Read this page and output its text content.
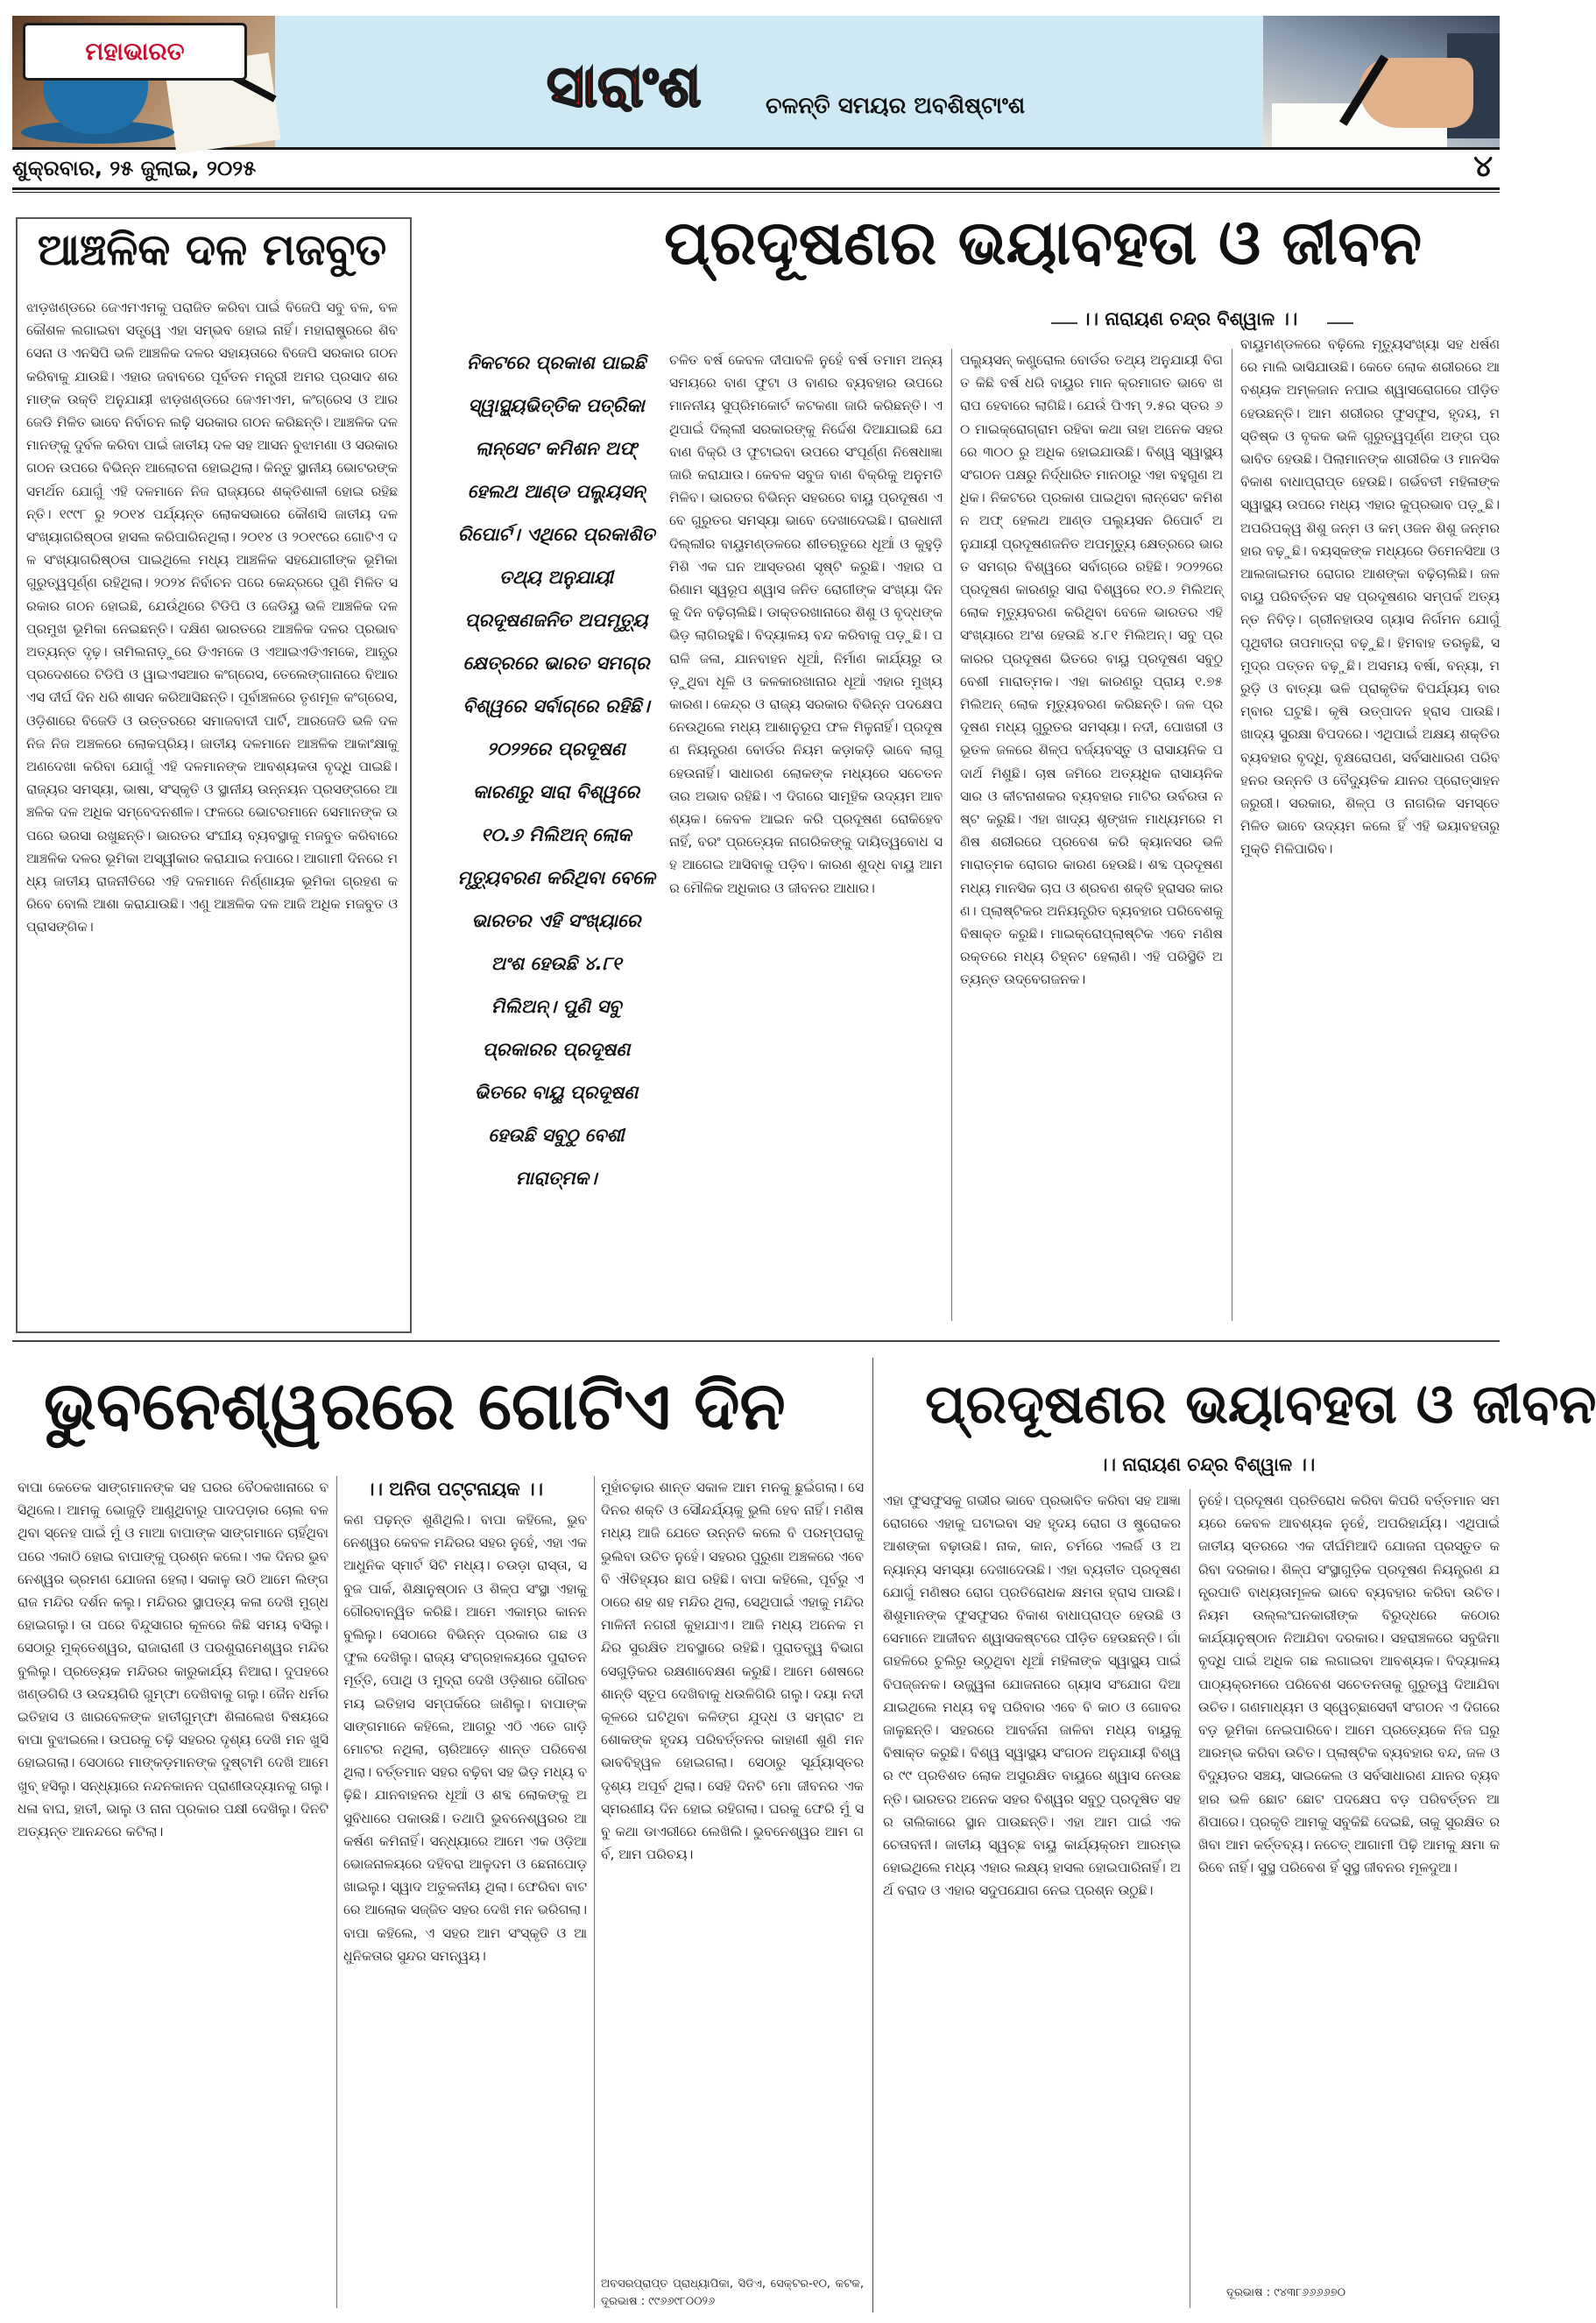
ମହାଭାରତ
ସାରାଂଶ	ଚଳନ୍ତି ସମୟର ଅବଶିଷ୍ଟାଂଶ
ଶୁକ୍ରବାର, ୨୫ ଜୁଲାଇ, ୨୦୨୫	୪
ଆଞ୍ଚଳିକ ଦଳ ମଜବୁତ
ଝାଡ଼ଖଣ୍ଡରେ ଜେଏମଏମକୁ ପରାଜିତ କରିବା ପାଇଁ ବିଜେପି ସବୁ ବଳ, ବଳ କୌଶଳ ଲଗାଇବା ସତ୍ତ୍ୱେ ଏହା ସମ୍ଭବ ହୋଇ ନାହିଁ। ମହାରାଷ୍ଟ୍ରରେ ଶିବସେନା ଓ ଏନସିପି ଭଳି ଆଞ୍ଚଳିକ ଦଳର ସହାୟତାରେ ବିଜେପି ସରକାର ଗଠନ କରିବାକୁ ଯାଉଛି। ଏହାର ଜବାବରେ ପୂର୍ବତନ ମନ୍ତ୍ରୀ ଅମର ପ୍ରସାଦ ଶରମାଙ୍କ ଉକ୍ତି ଅନୁଯାୟୀ ଝାଡ଼ଖଣ୍ଡରେ ଜେଏମଏମ, କଂଗ୍ରେସ ଓ ଆରଜେଡି ମିଳିତ ଭାବେ ନିର୍ବାଚନ ଲଢ଼ି ସରକାର ଗଠନ କରିଛନ୍ତି। ଆଞ୍ଚଳିକ ଦଳମାନଙ୍କୁ ଦୁର୍ବଳ କରିବା ପାଇଁ ଜାତୀୟ ଦଳ ସହ ଆସନ ବୁଝାମଣା ଓ ସରକାର ଗଠନ ଉପରେ ବିଭିନ୍ନ ଆଲୋଚନା ହୋଇଥିଲା। କିନ୍ତୁ ସ୍ଥାନୀୟ ଭୋଟରଙ୍କ ସମର୍ଥନ ଯୋଗୁଁ ଏହି ଦଳମାନେ ନିଜ ରାଜ୍ୟରେ ଶକ୍ତିଶାଳୀ ହୋଇ ରହିଛନ୍ତି। ୧୯୯୮ ରୁ ୨୦୧୪ ପର୍ଯ୍ୟନ୍ତ ଲୋକସଭାରେ କୌଣସି ଜାତୀୟ ଦଳ ସଂଖ୍ୟାଗରିଷ୍ଠତା ହାସଲ କରିପାରିନଥିଲା। ୨୦୧୪ ଓ ୨୦୧୯ରେ ଗୋଟିଏ ଦଳ ସଂଖ୍ୟାଗରିଷ୍ଠତା ପାଇଥିଲେ ମଧ୍ୟ ଆଞ୍ଚଳିକ ସହଯୋଗୀଙ୍କ ଭୂମିକା ଗୁରୁତ୍ୱପୂର୍ଣ୍ଣ ରହିଥିଲା। ୨୦୨୪ ନିର୍ବାଚନ ପରେ କେନ୍ଦ୍ରରେ ପୁଣି ମିଳିତ ସରକାର ଗଠନ ହୋଇଛି, ଯେଉଁଥିରେ ଟିଡିପି ଓ ଜେଡିୟୁ ଭଳି ଆଞ୍ଚଳିକ ଦଳ ପ୍ରମୁଖ ଭୂମିକା ନେଇଛନ୍ତି। ଦକ୍ଷିଣ ଭାରତରେ ଆଞ୍ଚଳିକ ଦଳର ପ୍ରଭାବ ଅତ୍ୟନ୍ତ ଦୃଢ଼। ତାମିଲନାଡ଼ୁରେ ଡିଏମକେ ଓ ଏଆଇଏଡିଏମକେ, ଆନ୍ଧ୍ରପ୍ରଦେଶରେ ଟିଡିପି ଓ ୱାଇଏସଆର କଂଗ୍ରେସ, ତେଲେଙ୍ଗାନାରେ ବିଆରଏସ ଦୀର୍ଘ ଦିନ ଧରି ଶାସନ କରିଆସିଛନ୍ତି। ପୂର୍ବାଞ୍ଚଳରେ ତୃଣମୂଳ କଂଗ୍ରେସ, ଓଡ଼ିଶାରେ ବିଜେଡି ଓ ଉତ୍ତରରେ ସମାଜବାଦୀ ପାର୍ଟି, ଆରଜେଡି ଭଳି ଦଳ ନିଜ ନିଜ ଅଞ୍ଚଳରେ ଲୋକପ୍ରିୟ। ଜାତୀୟ ଦଳମାନେ ଆଞ୍ଚଳିକ ଆକାଂକ୍ଷାକୁ ଅଣଦେଖା କରିବା ଯୋଗୁଁ ଏହି ଦଳମାନଙ୍କ ଆବଶ୍ୟକତା ବୃଦ୍ଧି ପାଇଛି। ରାଜ୍ୟର ସମସ୍ୟା, ଭାଷା, ସଂସ୍କୃତି ଓ ସ୍ଥାନୀୟ ଉନ୍ନୟନ ପ୍ରସଙ୍ଗରେ ଆଞ୍ଚଳିକ ଦଳ ଅଧିକ ସମ୍ବେଦନଶୀଳ। ଫଳରେ ଭୋଟରମାନେ ସେମାନଙ୍କ ଉପରେ ଭରସା ରଖୁଛନ୍ତି। ଭାରତର ସଂଘୀୟ ବ୍ୟବସ୍ଥାକୁ ମଜବୁତ କରିବାରେ ଆଞ୍ଚଳିକ ଦଳର ଭୂମିକା ଅସ୍ୱୀକାର କରାଯାଇ ନପାରେ। ଆଗାମୀ ଦିନରେ ମଧ୍ୟ ଜାତୀୟ ରାଜନୀତିରେ ଏହି ଦଳମାନେ ନିର୍ଣ୍ଣାୟକ ଭୂମିକା ଗ୍ରହଣ କରିବେ ବୋଲି ଆଶା କରାଯାଉଛି। ଏଣୁ ଆଞ୍ଚଳିକ ଦଳ ଆଜି ଅଧିକ ମଜବୁତ ଓ ପ୍ରାସଙ୍ଗିକ।
ପ୍ରଦୂଷଣର ଭୟାବହତା ଓ ଜୀବନ
।। ନାରାୟଣ ଚନ୍ଦ୍ର ବିଶ୍ୱାଳ ।।
ନିକଟରେ ପ୍ରକାଶ ପାଇଛି ସ୍ୱାସ୍ଥ୍ୟଭିତ୍ତିକ ପତ୍ରିକା ଲାନ୍ସେଟ କମିଶନ ଅଫ୍ ହେଲଥ ଆଣ୍ଡ ପଲ୍ୟୁସନ୍ ରିପୋର୍ଟ। ଏଥିରେ ପ୍ରକାଶିତ ତଥ୍ୟ ଅନୁଯାୟୀ ପ୍ରଦୂଷଣଜନିତ ଅପମୃତ୍ୟୁ କ୍ଷେତ୍ରରେ ଭାରତ ସମଗ୍ର ବିଶ୍ୱରେ ସର୍ବାଗ୍ରେ ରହିଛି। ୨୦୨୨ରେ ପ୍ରଦୂଷଣ କାରଣରୁ ସାରା ବିଶ୍ୱରେ ୧୦.୬ ମିଲିଅନ୍ ଲୋକ ମୃତ୍ୟୁବରଣ କରିଥିବା ବେଳେ ଭାରତର ଏହି ସଂଖ୍ୟାରେ ଅଂଶ ହେଉଛି ୪.୮୧ ମିଲିଅନ୍। ପୁଣି ସବୁ ପ୍ରକାରର ପ୍ରଦୂଷଣ ଭିତରେ ବାୟୁ ପ୍ରଦୂଷଣ ହେଉଛି ସବୁଠୁ ବେଶୀ ମାରାତ୍ମକ।
ଚଳିତ ବର୍ଷ କେବଳ ଦୀପାବଳି ନୁହେଁ ବର୍ଷ ତମାମ ଅନ୍ୟ ସମୟରେ ବାଣ ଫୁଟା ଓ ବାଣର ବ୍ୟବହାର ଉପରେ ମାନନୀୟ ସୁପ୍ରିମକୋର୍ଟ କଟକଣା ଜାରି କରିଛନ୍ତି। ଏଥିପାଇଁ ଦିଲ୍ଲୀ ସରକାରଙ୍କୁ ନିର୍ଦ୍ଦେଶ ଦିଆଯାଇଛି ଯେ ବାଣ ବିକ୍ରି ଓ ଫୁଟାଇବା ଉପରେ ସଂପୂର୍ଣ୍ଣ ନିଷେଧାଜ୍ଞା ଜାରି କରାଯାଉ। କେବଳ ସବୁଜ ବାଣ ବିକ୍ରିକୁ ଅନୁମତି ମିଳିବ। ଭାରତର ବିଭିନ୍ନ ସହରରେ ବାୟୁ ପ୍ରଦୂଷଣ ଏବେ ଗୁରୁତର ସମସ୍ୟା ଭାବେ ଦେଖାଦେଇଛି। ରାଜଧାନୀ ଦିଲ୍ଲୀର ବାୟୁମଣ୍ଡଳରେ ଶୀତଋତୁରେ ଧୂଆଁ ଓ କୁହୁଡ଼ି ମିଶି ଏକ ଘନ ଆସ୍ତରଣ ସୃଷ୍ଟି କରୁଛି। ଏହାର ପରିଣାମ ସ୍ୱରୂପ ଶ୍ୱାସ ଜନିତ ରୋଗୀଙ୍କ ସଂଖ୍ୟା ଦିନକୁ ଦିନ ବଢ଼ିଚାଲିଛି। ଡାକ୍ତରଖାନାରେ ଶିଶୁ ଓ ବୃଦ୍ଧଙ୍କ ଭିଡ଼ ଲାଗିରହୁଛି। ବିଦ୍ୟାଳୟ ବନ୍ଦ କରିବାକୁ ପଡ଼ୁଛି। ପରାଳି ଜଳା, ଯାନବାହନ ଧୂଆଁ, ନିର୍ମାଣ କାର୍ଯ୍ୟରୁ ଉଡ଼ୁଥିବା ଧୂଳି ଓ କଳକାରଖାନାର ଧୂଆଁ ଏହାର ମୁଖ୍ୟ କାରଣ। କେନ୍ଦ୍ର ଓ ରାଜ୍ୟ ସରକାର ବିଭିନ୍ନ ପଦକ୍ଷେପ ନେଉଥିଲେ ମଧ୍ୟ ଆଶାନୁରୂପ ଫଳ ମିଳୁନାହିଁ। ପ୍ରଦୂଷଣ ନିୟନ୍ତ୍ରଣ ବୋର୍ଡର ନିୟମ କଡ଼ାକଡ଼ି ଭାବେ ଲାଗୁ ହେଉନାହିଁ। ସାଧାରଣ ଲୋକଙ୍କ ମଧ୍ୟରେ ସଚେତନତାର ଅଭାବ ରହିଛି। ଏ ଦିଗରେ ସାମୂହିକ ଉଦ୍ୟମ ଆବଶ୍ୟକ। କେବଳ ଆଇନ କରି ପ୍ରଦୂଷଣ ରୋକିହେବ ନାହିଁ, ବରଂ ପ୍ରତ୍ୟେକ ନାଗରିକଙ୍କୁ ଦାୟିତ୍ୱବୋଧ ସହ ଆଗେଇ ଆସିବାକୁ ପଡ଼ିବ। କାରଣ ଶୁଦ୍ଧ ବାୟୁ ଆମର ମୌଳିକ ଅଧିକାର ଓ ଜୀବନର ଆଧାର।
ପଲ୍ୟୁସନ୍ କଣ୍ଟ୍ରୋଲ ବୋର୍ଡର ତଥ୍ୟ ଅନୁଯାୟୀ ବିଗତ କିଛି ବର୍ଷ ଧରି ବାୟୁର ମାନ କ୍ରମାଗତ ଭାବେ ଖରାପ ହେବାରେ ଲାଗିଛି। ଯେଉଁ ପିଏମ୍ ୨.୫ର ସ୍ତର ୬୦ ମାଇକ୍ରୋଗ୍ରାମ ରହିବା କଥା ତାହା ଅନେକ ସହରରେ ୩୦୦ ରୁ ଅଧିକ ହୋଇଯାଉଛି। ବିଶ୍ୱ ସ୍ୱାସ୍ଥ୍ୟ ସଂଗଠନ ପକ୍ଷରୁ ନିର୍ଦ୍ଧାରିତ ମାନଠାରୁ ଏହା ବହୁଗୁଣ ଅଧିକ। ନିକଟରେ ପ୍ରକାଶ ପାଇଥିବା ଲାନ୍ସେଟ କମିଶନ ଅଫ୍ ହେଲଥ ଆଣ୍ଡ ପଲ୍ୟୁସନ ରିପୋର୍ଟ ଅନୁଯାୟୀ ପ୍ରଦୂଷଣଜନିତ ଅପମୃତ୍ୟୁ କ୍ଷେତ୍ରରେ ଭାରତ ସମଗ୍ର ବିଶ୍ୱରେ ସର୍ବାଗ୍ରେ ରହିଛି। ୨୦୨୨ରେ ପ୍ରଦୂଷଣ କାରଣରୁ ସାରା ବିଶ୍ୱରେ ୧୦.୬ ମିଲିଅନ୍ ଲୋକ ମୃତ୍ୟୁବରଣ କରିଥିବା ବେଳେ ଭାରତର ଏହି ସଂଖ୍ୟାରେ ଅଂଶ ହେଉଛି ୪.୮୧ ମିଲିଅନ୍। ସବୁ ପ୍ରକାରର ପ୍ରଦୂଷଣ ଭିତରେ ବାୟୁ ପ୍ରଦୂଷଣ ସବୁଠୁ ବେଶୀ ମାରାତ୍ମକ। ଏହା କାରଣରୁ ପ୍ରାୟ ୧.୭୫ ମିଲିଅନ୍ ଲୋକ ମୃତ୍ୟୁବରଣ କରିଛନ୍ତି। ଜଳ ପ୍ରଦୂଷଣ ମଧ୍ୟ ଗୁରୁତର ସମସ୍ୟା। ନଦୀ, ପୋଖରୀ ଓ ଭୂତଳ ଜଳରେ ଶିଳ୍ପ ବର୍ଜ୍ୟବସ୍ତୁ ଓ ରାସାୟନିକ ପଦାର୍ଥ ମିଶୁଛି। ଚାଷ ଜମିରେ ଅତ୍ୟଧିକ ରାସାୟନିକ ସାର ଓ କୀଟନାଶକର ବ୍ୟବହାର ମାଟିର ଉର୍ବରତା ନଷ୍ଟ କରୁଛି। ଏହା ଖାଦ୍ୟ ଶୃଙ୍ଖଳ ମାଧ୍ୟମରେ ମଣିଷ ଶରୀରରେ ପ୍ରବେଶ କରି କ୍ୟାନସର ଭଳି ମାରାତ୍ମକ ରୋଗର କାରଣ ହେଉଛି। ଶବ୍ଦ ପ୍ରଦୂଷଣ ମଧ୍ୟ ମାନସିକ ଚାପ ଓ ଶ୍ରବଣ ଶକ୍ତି ହ୍ରାସର କାରଣ। ପ୍ଲାଷ୍ଟିକର ଅନିୟନ୍ତ୍ରିତ ବ୍ୟବହାର ପରିବେଶକୁ ବିଷାକ୍ତ କରୁଛି। ମାଇକ୍ରୋପ୍ଲାଷ୍ଟିକ ଏବେ ମଣିଷ ରକ୍ତରେ ମଧ୍ୟ ଚିହ୍ନଟ ହେଲାଣି। ଏହି ପରିସ୍ଥିତି ଅତ୍ୟନ୍ତ ଉଦ୍ବେଗଜନକ।
ବାୟୁମଣ୍ଡଳରେ ବଢ଼ିଲେ ମୃତ୍ୟୁସଂଖ୍ୟା ସହ ଧର୍ଷଣରେ ମାଲି ଭାସିଯାଉଛି। କେତେ ଲୋକ ଶରୀରରେ ଆବଶ୍ୟକ ଅମ୍ଳଜାନ ନପାଇ ଶ୍ୱାସରୋଗରେ ପୀଡ଼ିତ ହେଉଛନ୍ତି। ଆମ ଶରୀରର ଫୁସଫୁସ, ହୃଦୟ, ମସ୍ତିଷ୍କ ଓ ବୃକକ ଭଳି ଗୁରୁତ୍ୱପୂର୍ଣ୍ଣ ଅଙ୍ଗ ପ୍ରଭାବିତ ହେଉଛି। ପିଲାମାନଙ୍କ ଶାରୀରିକ ଓ ମାନସିକ ବିକାଶ ବାଧାପ୍ରାପ୍ତ ହେଉଛି। ଗର୍ଭବତୀ ମହିଳାଙ୍କ ସ୍ୱାସ୍ଥ୍ୟ ଉପରେ ମଧ୍ୟ ଏହାର କୁପ୍ରଭାବ ପଡ଼ୁଛି। ଅପରିପକ୍ୱ ଶିଶୁ ଜନ୍ମ ଓ କମ୍ ଓଜନ ଶିଶୁ ଜନ୍ମର ହାର ବଢ଼ୁଛି। ବୟସ୍କଙ୍କ ମଧ୍ୟରେ ଡିମେନସିଆ ଓ ଆଲଜାଇମର ରୋଗର ଆଶଙ୍କା ବଢ଼ିଚାଲିଛି। ଜଳବାୟୁ ପରିବର୍ତ୍ତନ ସହ ପ୍ରଦୂଷଣର ସମ୍ପର୍କ ଅତ୍ୟନ୍ତ ନିବିଡ଼। ଗ୍ରୀନହାଉସ ଗ୍ୟାସ ନିର୍ଗମନ ଯୋଗୁଁ ପୃଥିବୀର ତାପମାତ୍ରା ବଢ଼ୁଛି। ହିମବାହ ତରଳୁଛି, ସମୁଦ୍ର ପତ୍ତନ ବଢ଼ୁଛି। ଅସମୟ ବର୍ଷା, ବନ୍ୟା, ମରୁଡ଼ି ଓ ବାତ୍ୟା ଭଳି ପ୍ରାକୃତିକ ବିପର୍ଯ୍ୟୟ ବାରମ୍ବାର ଘଟୁଛି। କୃଷି ଉତ୍ପାଦନ ହ୍ରାସ ପାଉଛି। ଖାଦ୍ୟ ସୁରକ୍ଷା ବିପଦରେ। ଏଥିପାଇଁ ଅକ୍ଷୟ ଶକ୍ତିର ବ୍ୟବହାର ବୃଦ୍ଧି, ବୃକ୍ଷରୋପଣ, ସର୍ବସାଧାରଣ ପରିବହନର ଉନ୍ନତି ଓ ବୈଦ୍ୟୁତିକ ଯାନର ପ୍ରୋତ୍ସାହନ ଜରୁରୀ। ସରକାର, ଶିଳ୍ପ ଓ ନାଗରିକ ସମସ୍ତେ ମିଳିତ ଭାବେ ଉଦ୍ୟମ କଲେ ହିଁ ଏହି ଭୟାବହତାରୁ ମୁକ୍ତି ମିଳିପାରିବ।
ଭୁବନେଶ୍ୱରରେ ଗୋଟିଏ ଦିନ
।। ଅନିତା ପଟ୍ଟନାୟକ ।।
ବାପା କେତେକ ସାଙ୍ଗମାନଙ୍କ ସହ ଘରର ବୈଠକଖାନାରେ ବସିଥିଲେ। ଆମକୁ ଭୋଜୁଡ଼ି ଆଣୁଥିବାରୁ ପାଦପଡ଼ାର ଚୋଲ ବଳ ଥିବା ସ୍ନେହ ପାଇଁ ମୁଁ ଓ ମାଆ ବାପାଙ୍କ ସାଙ୍ଗମାନେ ଚାହିଁଥିବା ପରେ ଏକାଠି ହୋଇ ବାପାଙ୍କୁ ପ୍ରଶ୍ନ କଲେ। ଏକ ଦିନର ଭୁବନେଶ୍ୱର ଭ୍ରମଣ ଯୋଜନା ହେଲା। ସକାଳୁ ଉଠି ଆମେ ଲିଙ୍ଗରାଜ ମନ୍ଦିର ଦର୍ଶନ କଲୁ। ମନ୍ଦିରର ସ୍ଥାପତ୍ୟ କଳା ଦେଖି ମୁଗ୍ଧ ହୋଇଗଲୁ। ତା ପରେ ବିନ୍ଦୁସାଗର କୂଳରେ କିଛି ସମୟ ବସିଲୁ। ସେଠାରୁ ମୁକ୍ତେଶ୍ୱର, ରାଜାରାଣୀ ଓ ପରଶୁରାମେଶ୍ୱର ମନ୍ଦିର ବୁଲିଲୁ। ପ୍ରତ୍ୟେକ ମନ୍ଦିରର କାରୁକାର୍ଯ୍ୟ ନିଆରା। ଦୁପହରେ ଖଣ୍ଡଗିରି ଓ ଉଦୟଗିରି ଗୁମ୍ଫା ଦେଖିବାକୁ ଗଲୁ। ଜୈନ ଧର୍ମର ଇତିହାସ ଓ ଖାରବେଳଙ୍କ ହାତୀଗୁମ୍ଫା ଶିଳାଲେଖ ବିଷୟରେ ବାପା ବୁଝାଇଲେ। ଉପରକୁ ଚଢ଼ି ସହରର ଦୃଶ୍ୟ ଦେଖି ମନ ଖୁସି ହୋଇଗଲା। ସେଠାରେ ମାଙ୍କଡ଼ମାନଙ୍କ ଦୁଷ୍ଟାମି ଦେଖି ଆମେ ଖୁବ୍ ହସିଲୁ। ସନ୍ଧ୍ୟାରେ ନନ୍ଦନକାନନ ପ୍ରାଣୀଉଦ୍ୟାନକୁ ଗଲୁ। ଧଳା ବାଘ, ହାତୀ, ଭାଲୁ ଓ ନାନା ପ୍ରକାର ପକ୍ଷୀ ଦେଖିଲୁ। ଦିନଟି ଅତ୍ୟନ୍ତ ଆନନ୍ଦରେ କଟିଲା।
କଣ ପଢ଼ନ୍ତ ଶୁଣିଥିଲି। ବାପା କହିଲେ, ଭୁବନେଶ୍ୱର କେବଳ ମନ୍ଦିରର ସହର ନୁହେଁ, ଏହା ଏକ ଆଧୁନିକ ସ୍ମାର୍ଟ ସିଟି ମଧ୍ୟ। ଚଉଡ଼ା ରାସ୍ତା, ସବୁଜ ପାର୍କ, ଶିକ୍ଷାନୁଷ୍ଠାନ ଓ ଶିଳ୍ପ ସଂସ୍ଥା ଏହାକୁ ଗୌରବାନ୍ୱିତ କରିଛି। ଆମେ ଏକାମ୍ର କାନନ ବୁଲିଲୁ। ସେଠାରେ ବିଭିନ୍ନ ପ୍ରକାର ଗଛ ଓ ଫୁଲ ଦେଖିଲୁ। ରାଜ୍ୟ ସଂଗ୍ରହାଳୟରେ ପୁରାତନ ମୂର୍ତ୍ତି, ପୋଥି ଓ ମୁଦ୍ରା ଦେଖି ଓଡ଼ିଶାର ଗୌରବମୟ ଇତିହାସ ସମ୍ପର୍କରେ ଜାଣିଲୁ। ବାପାଙ୍କ ସାଙ୍ଗମାନେ କହିଲେ, ଆଗରୁ ଏଠି ଏତେ ଗାଡ଼ି ମୋଟର ନଥିଲା, ଚାରିଆଡ଼େ ଶାନ୍ତ ପରିବେଶ ଥିଲା। ବର୍ତ୍ତମାନ ସହର ବଢ଼ିବା ସହ ଭିଡ଼ ମଧ୍ୟ ବଢ଼ିଛି। ଯାନବାହନର ଧୂଆଁ ଓ ଶବ୍ଦ ଲୋକଙ୍କୁ ଅସୁବିଧାରେ ପକାଉଛି। ତଥାପି ଭୁବନେଶ୍ୱରର ଆକର୍ଷଣ କମିନାହିଁ। ସନ୍ଧ୍ୟାରେ ଆମେ ଏକ ଓଡ଼ିଆ ଭୋଜନାଳୟରେ ଦହିବରା ଆଳୁଦମ ଓ ଛେନାପୋଡ଼ ଖାଇଲୁ। ସ୍ୱାଦ ଅତୁଳନୀୟ ଥିଲା। ଫେରିବା ବାଟରେ ଆଲୋକ ସଜ୍ଜିତ ସହର ଦେଖି ମନ ଭରିଗଲା। ବାପା କହିଲେ, ଏ ସହର ଆମ ସଂସ୍କୃତି ଓ ଆଧୁନିକତାର ସୁନ୍ଦର ସମନ୍ୱୟ।
ମୁହାଁଚଢ଼ାର ଶାନ୍ତ ସକାଳ ଆମ ମନକୁ ଛୁଇଁଗଲା। ସେ ଦିନର ଶକ୍ତି ଓ ସୌନ୍ଦର୍ଯ୍ୟକୁ ଭୁଲି ହେବ ନାହିଁ। ମଣିଷ ମଧ୍ୟ ଆଜି ଯେତେ ଉନ୍ନତି କଲେ ବି ପରମ୍ପରାକୁ ଭୁଲିବା ଉଚିତ ନୁହେଁ। ସହରର ପୁରୁଣା ଅଞ୍ଚଳରେ ଏବେ ବି ଐତିହ୍ୟର ଛାପ ରହିଛି। ବାପା କହିଲେ, ପୂର୍ବରୁ ଏଠାରେ ଶହ ଶହ ମନ୍ଦିର ଥିଲା, ସେଥିପାଇଁ ଏହାକୁ ମନ୍ଦିର ମାଳିନୀ ନଗରୀ କୁହାଯାଏ। ଆଜି ମଧ୍ୟ ଅନେକ ମନ୍ଦିର ସୁରକ୍ଷିତ ଅବସ୍ଥାରେ ରହିଛି। ପୁରାତତ୍ତ୍ୱ ବିଭାଗ ସେଗୁଡ଼ିକର ରକ୍ଷଣାବେକ୍ଷଣ କରୁଛି। ଆମେ ଶେଷରେ ଶାନ୍ତି ସ୍ତୂପ ଦେଖିବାକୁ ଧଉଳିଗିରି ଗଲୁ। ଦୟା ନଦୀ କୂଳରେ ଘଟିଥିବା କଳିଙ୍ଗ ଯୁଦ୍ଧ ଓ ସମ୍ରାଟ ଅଶୋକଙ୍କ ହୃଦୟ ପରିବର୍ତ୍ତନର କାହାଣୀ ଶୁଣି ମନ ଭାବବିହ୍ୱଳ ହୋଇଗଲା। ସେଠାରୁ ସୂର୍ଯ୍ୟାସ୍ତର ଦୃଶ୍ୟ ଅପୂର୍ବ ଥିଲା। ସେହି ଦିନଟି ମୋ ଜୀବନର ଏକ ସ୍ମରଣୀୟ ଦିନ ହୋଇ ରହିଗଲା। ଘରକୁ ଫେରି ମୁଁ ସବୁ କଥା ଡାଏରୀରେ ଲେଖିଲି। ଭୁବନେଶ୍ୱର ଆମ ଗର୍ବ, ଆମ ପରିଚୟ।
ଅବସରପ୍ରାପ୍ତ ପ୍ରାଧ୍ୟାପିକା, ସିଡିଏ, ସେକ୍ଟର-୧୦, କଟକ, ଦୂରଭାଷ : ୯୯୬୬୯୮୦୦୨୬
ପ୍ରଦୂଷଣର ଭୟାବହତା ଓ ଜୀବନ
।। ନାରାୟଣ ଚନ୍ଦ୍ର ବିଶ୍ୱାଳ ।।
ଏହା ଫୁସଫୁସକୁ ଗଭୀର ଭାବେ ପ୍ରଭାବିତ କରିବା ସହ ଆଜ୍ଞା ରୋଗରେ ଏହାକୁ ଘଟାଇବା ସହ ହୃଦୟ ରୋଗ ଓ ଷ୍ଟ୍ରୋକର ଆଶଙ୍କା ବଢ଼ାଉଛି। ନାକ, କାନ, ଚର୍ମରେ ଏଲର୍ଜି ଓ ଅନ୍ୟାନ୍ୟ ସମସ୍ୟା ଦେଖାଦେଉଛି। ଏହା ବ୍ୟତୀତ ପ୍ରଦୂଷଣ ଯୋଗୁଁ ମଣିଷର ରୋଗ ପ୍ରତିରୋଧକ କ୍ଷମତା ହ୍ରାସ ପାଉଛି। ଶିଶୁମାନଙ୍କ ଫୁସଫୁସର ବିକାଶ ବାଧାପ୍ରାପ୍ତ ହେଉଛି ଓ ସେମାନେ ଆଜୀବନ ଶ୍ୱାସକଷ୍ଟରେ ପୀଡ଼ିତ ହେଉଛନ୍ତି। ଗାଁ ଗହଳିରେ ଚୁଲିରୁ ଉଠୁଥିବା ଧୂଆଁ ମହିଳାଙ୍କ ସ୍ୱାସ୍ଥ୍ୟ ପାଇଁ ବିପଜ୍ଜନକ। ଉଜ୍ଜ୍ୱଳା ଯୋଜନାରେ ଗ୍ୟାସ ସଂଯୋଗ ଦିଆଯାଇଥିଲେ ମଧ୍ୟ ବହୁ ପରିବାର ଏବେ ବି କାଠ ଓ ଗୋବର ଜାଳୁଛନ୍ତି। ସହରରେ ଆବର୍ଜନା ଜାଳିବା ମଧ୍ୟ ବାୟୁକୁ ବିଷାକ୍ତ କରୁଛି। ବିଶ୍ୱ ସ୍ୱାସ୍ଥ୍ୟ ସଂଗଠନ ଅନୁଯାୟୀ ବିଶ୍ୱର ୯୯ ପ୍ରତିଶତ ଲୋକ ଅସୁରକ୍ଷିତ ବାୟୁରେ ଶ୍ୱାସ ନେଉଛନ୍ତି। ଭାରତର ଅନେକ ସହର ବିଶ୍ୱର ସବୁଠୁ ପ୍ରଦୂଷିତ ସହର ତାଲିକାରେ ସ୍ଥାନ ପାଉଛନ୍ତି। ଏହା ଆମ ପାଇଁ ଏକ ଚେତାବନୀ। ଜାତୀୟ ସ୍ୱଚ୍ଛ ବାୟୁ କାର୍ଯ୍ୟକ୍ରମ ଆରମ୍ଭ ହୋଇଥିଲେ ମଧ୍ୟ ଏହାର ଲକ୍ଷ୍ୟ ହାସଲ ହୋଇପାରିନାହିଁ। ଅର୍ଥ ବରାଦ ଓ ଏହାର ସଦୁପଯୋଗ ନେଇ ପ୍ରଶ୍ନ ଉଠୁଛି।
ନୁହେଁ। ପ୍ରଦୂଷଣ ପ୍ରତିରୋଧ କରିବା କିପରି ବର୍ତ୍ତମାନ ସମୟରେ କେବଳ ଆବଶ୍ୟକ ନୁହେଁ, ଅପରିହାର୍ଯ୍ୟ। ଏଥିପାଇଁ ଜାତୀୟ ସ୍ତରରେ ଏକ ଦୀର୍ଘମିଆଦି ଯୋଜନା ପ୍ରସ୍ତୁତ କରିବା ଦରକାର। ଶିଳ୍ପ ସଂସ୍ଥାଗୁଡ଼ିକ ପ୍ରଦୂଷଣ ନିୟନ୍ତ୍ରଣ ଯନ୍ତ୍ରପାତି ବାଧ୍ୟତାମୂଳକ ଭାବେ ବ୍ୟବହାର କରିବା ଉଚିତ। ନିୟମ ଉଲ୍ଲଂଘନକାରୀଙ୍କ ବିରୁଦ୍ଧରେ କଠୋର କାର୍ଯ୍ୟାନୁଷ୍ଠାନ ନିଆଯିବା ଦରକାର। ସହରାଞ୍ଚଳରେ ସବୁଜିମା ବୃଦ୍ଧି ପାଇଁ ଅଧିକ ଗଛ ଲଗାଇବା ଆବଶ୍ୟକ। ବିଦ୍ୟାଳୟ ପାଠ୍ୟକ୍ରମରେ ପରିବେଶ ସଚେତନତାକୁ ଗୁରୁତ୍ୱ ଦିଆଯିବା ଉଚିତ। ଗଣମାଧ୍ୟମ ଓ ସ୍ୱେଚ୍ଛାସେବୀ ସଂଗଠନ ଏ ଦିଗରେ ବଡ଼ ଭୂମିକା ନେଇପାରିବେ। ଆମେ ପ୍ରତ୍ୟେକେ ନିଜ ଘରୁ ଆରମ୍ଭ କରିବା ଉଚିତ। ପ୍ଲାଷ୍ଟିକ ବ୍ୟବହାର ବନ୍ଦ, ଜଳ ଓ ବିଦ୍ୟୁତର ସଞ୍ଚୟ, ସାଇକେଲ ଓ ସର୍ବସାଧାରଣ ଯାନର ବ୍ୟବହାର ଭଳି ଛୋଟ ଛୋଟ ପଦକ୍ଷେପ ବଡ଼ ପରିବର୍ତ୍ତନ ଆଣିପାରେ। ପ୍ରକୃତି ଆମକୁ ସବୁକିଛି ଦେଇଛି, ତାକୁ ସୁରକ୍ଷିତ ରଖିବା ଆମ କର୍ତ୍ତବ୍ୟ। ନଚେତ୍ ଆଗାମୀ ପିଢ଼ି ଆମକୁ କ୍ଷମା କରିବେ ନାହିଁ। ସୁସ୍ଥ ପରିବେଶ ହିଁ ସୁସ୍ଥ ଜୀବନର ମୂଳଦୁଆ।
ଦୂରଭାଷ : ୯୪୩୮୬୬୬୬୭୦
